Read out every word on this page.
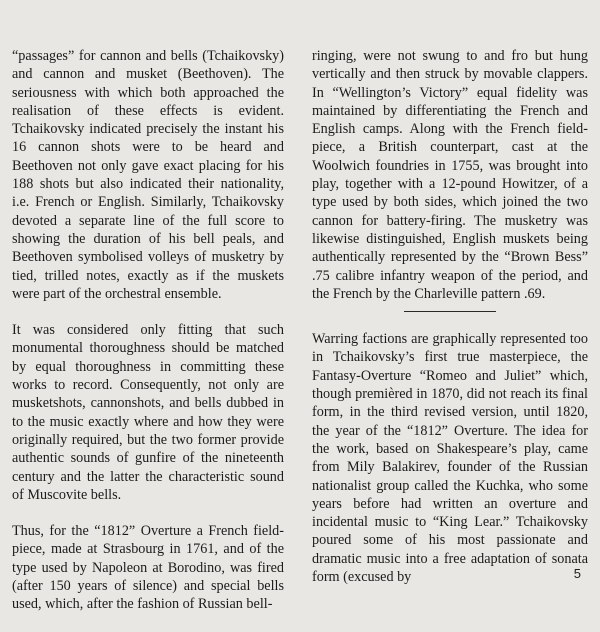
“passages” for cannon and bells (Tchaikovsky) and cannon and musket (Beethoven). The seriousness with which both approached the realisation of these effects is evident. Tchaikovsky indicated precisely the instant his 16 cannon shots were to be heard and Beethoven not only gave exact placing for his 188 shots but also indicated their nationality, i.e. French or English. Similarly, Tchaikovsky devoted a separate line of the full score to showing the duration of his bell peals, and Beethoven symbolised volleys of musketry by tied, trilled notes, exactly as if the muskets were part of the orchestral ensemble.

It was considered only fitting that such monumental thoroughness should be matched by equal thoroughness in committing these works to record. Consequently, not only are musketshots, cannonshots, and bells dubbed in to the music exactly where and how they were originally required, but the two former provide authentic sounds of gunfire of the nineteenth century and the latter the characteristic sound of Muscovite bells.

Thus, for the “1812” Overture a French field-piece, made at Strasbourg in 1761, and of the type used by Napoleon at Borodino, was fired (after 150 years of silence) and special bells used, which, after the fashion of Russian bell-

ringing, were not swung to and fro but hung vertically and then struck by movable clappers. In “Wellington’s Victory” equal fidelity was maintained by differentiating the French and English camps. Along with the French field-piece, a British counterpart, cast at the Woolwich foundries in 1755, was brought into play, together with a 12-pound Howitzer, of a type used by both sides, which joined the two cannon for battery-firing. The musketry was likewise distinguished, English muskets being authentically represented by the “Brown Bess” .75 calibre infantry weapon of the period, and the French by the Charleville pattern .69.

Warring factions are graphically represented too in Tchaikovsky’s first true masterpiece, the Fantasy-Overture “Romeo and Juliet” which, though premièred in 1870, did not reach its final form, in the third revised version, until 1820, the year of the “1812” Overture. The idea for the work, based on Shakespeare’s play, came from Mily Balakirev, founder of the Russian nationalist group called the Kuchka, who some years before had written an overture and incidental music to “King Lear.” Tchaikovsky poured some of his most passionate and dramatic music into a free adaptation of sonata form (excused by	5
